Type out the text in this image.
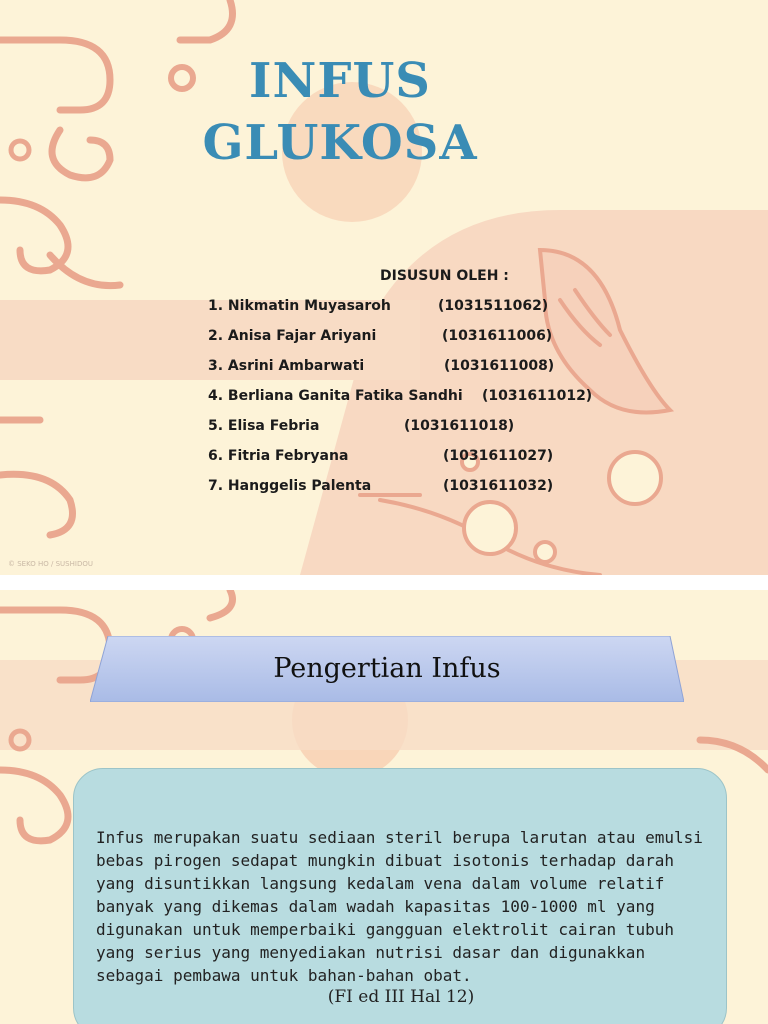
INFUS
GLUKOSA
DISUSUN OLEH :
1. Nikmatin Muyasaroh	(1031511062)
2. Anisa Fajar Ariyani	(1031611006)
3. Asrini Ambarwati	(1031611008)
4. Berliana Ganita Fatika Sandhi (1031611012)
5. Elisa Febria	(1031611018)
6. Fitria Febryana	(1031611027)
7. Hanggelis Palenta	(1031611032)
© SEKO HO / SUSHIDOU
Pengertian Infus
Infus merupakan suatu sediaan steril berupa larutan atau emulsi
bebas pirogen sedapat mungkin dibuat isotonis terhadap darah
yang disuntikkan langsung kedalam vena dalam volume relatif
banyak yang dikemas dalam wadah kapasitas 100-1000 ml yang
digunakan untuk memperbaiki gangguan elektrolit cairan tubuh
yang serius yang menyediakan nutrisi dasar dan digunakkan
sebagai pembawa untuk bahan-bahan obat.
(FI ed III Hal 12)
